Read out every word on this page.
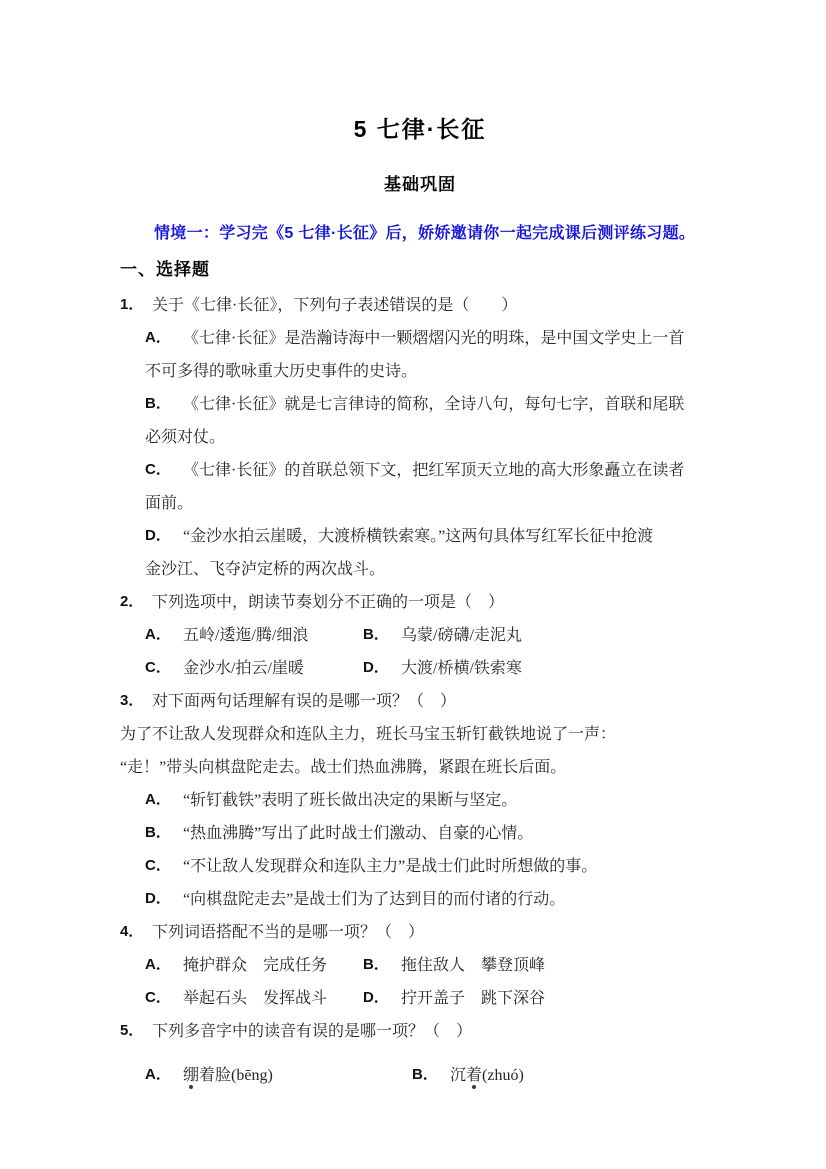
5 七律·长征
基础巩固
情境一：学习完《5 七律·长征》后，娇娇邀请你一起完成课后测评练习题。
一、选择题
1． 关于《七律·长征》，下列句子表述错误的是（　　）
A． 《七律·长征》是浩瀚诗海中一颗熠熠闪光的明珠，是中国文学史上一首
不可多得的歌咏重大历史事件的史诗。
B． 《七律·长征》就是七言律诗的简称，全诗八句，每句七字，首联和尾联
必须对仗。
C． 《七律·长征》的首联总领下文，把红军顶天立地的高大形象矗立在读者
面前。
D． “金沙水拍云崖暖，大渡桥横铁索寒。”这两句具体写红军长征中抢渡
金沙江、飞夺泸定桥的两次战斗。
2． 下列选项中，朗读节奏划分不正确的一项是（　）
A． 五岭/逶迤/腾/细浪	B． 乌蒙/磅礴/走泥丸
C． 金沙水/拍云/崖暖	D． 大渡/桥横/铁索寒
3． 对下面两句话理解有误的是哪一项？（　）
为了不让敌人发现群众和连队主力，班长马宝玉斩钉截铁地说了一声：
“走！”带头向棋盘陀走去。战士们热血沸腾，紧跟在班长后面。
A． “斩钉截铁”表明了班长做出决定的果断与坚定。
B． “热血沸腾”写出了此时战士们激动、自豪的心情。
C． “不让敌人发现群众和连队主力”是战士们此时所想做的事。
D． “向棋盘陀走去”是战士们为了达到目的而付诸的行动。
4． 下列词语搭配不当的是哪一项？（　）
A． 掩护群众　完成任务 B． 拖住敌人　攀登顶峰
C． 举起石头　发挥战斗 D． 拧开盖子　跳下深谷
5． 下列多音字中的读音有误的是哪一项？（　）
A． 绷着脸(bēng)	B． 沉着(zhuó)
